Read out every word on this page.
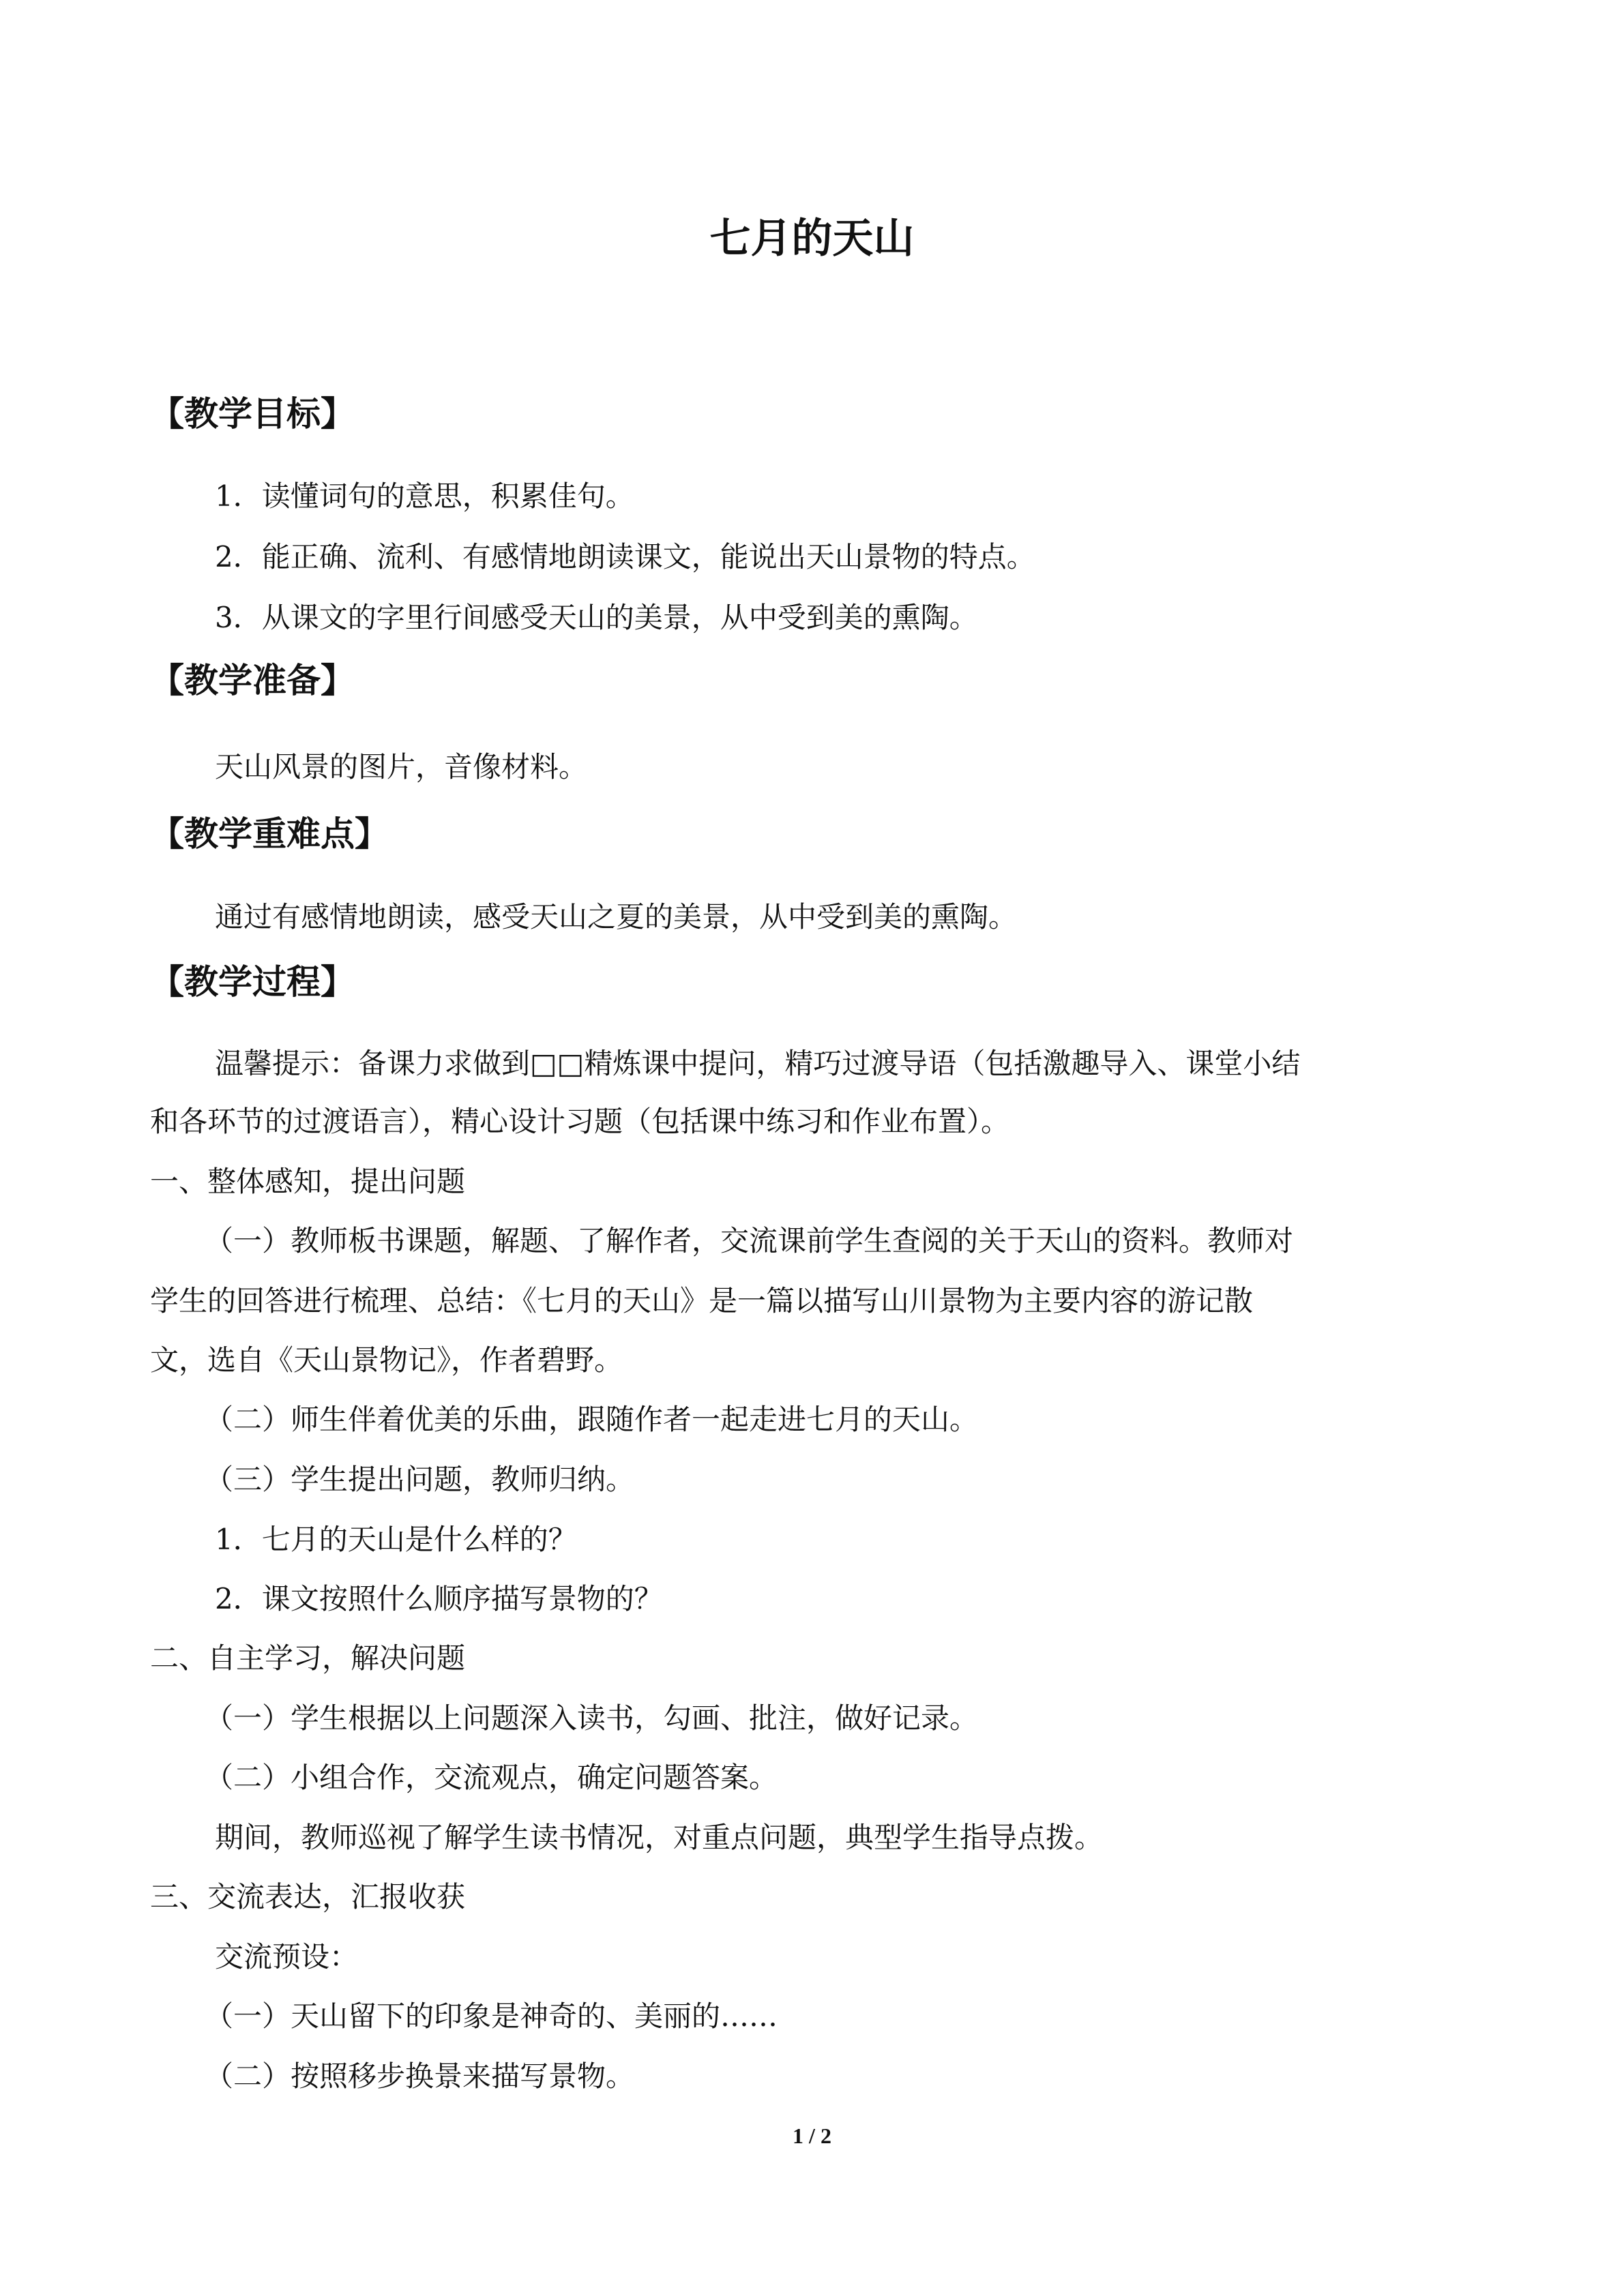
七月的天山
【教学目标】
1．读懂词句的意思，积累佳句。
2．能正确、流利、有感情地朗读课文，能说出天山景物的特点。
3．从课文的字里行间感受天山的美景，从中受到美的熏陶。
【教学准备】
天山风景的图片，音像材料。
【教学重难点】
通过有感情地朗读，感受天山之夏的美景，从中受到美的熏陶。
【教学过程】
温馨提示：备课力求做到□□精炼课中提问，精巧过渡导语（包括激趣导入、课堂小结
和各环节的过渡语言），精心设计习题（包括课中练习和作业布置）。
一、整体感知，提出问题
（一）教师板书课题，解题、了解作者，交流课前学生查阅的关于天山的资料。教师对
学生的回答进行梳理、总结：《七月的天山》是一篇以描写山川景物为主要内容的游记散
文，选自《天山景物记》，作者碧野。
（二）师生伴着优美的乐曲，跟随作者一起走进七月的天山。
（三）学生提出问题，教师归纳。
1．七月的天山是什么样的？
2．课文按照什么顺序描写景物的？
二、自主学习，解决问题
（一）学生根据以上问题深入读书，勾画、批注，做好记录。
（二）小组合作，交流观点，确定问题答案。
期间，教师巡视了解学生读书情况，对重点问题，典型学生指导点拨。
三、交流表达，汇报收获
交流预设：
（一）天山留下的印象是神奇的、美丽的……
（二）按照移步换景来描写景物。
1 / 2
